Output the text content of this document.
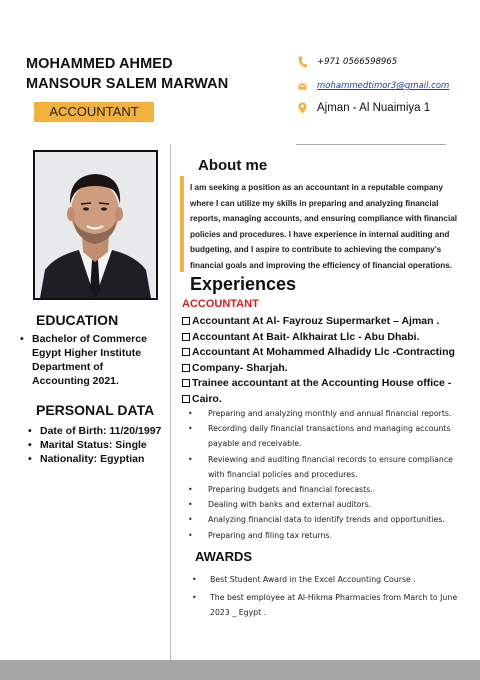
MOHAMMED AHMED
MANSOUR SALEM MARWAN
ACCOUNTANT
+971 0566598965
mohammedtimor3@gmail.com
Ajman - Al Nuaimiya 1
EDUCATION
• Bachelor of Commerce Egypt Higher Institute Department of Accounting 2021.
PERSONAL DATA
• Date of Birth: 11/20/1997
• Marital Status: Single
• Nationality: Egyptian
About me
I am seeking a position as an accountant in a reputable company where I can utilize my skills in preparing and analyzing financial reports, managing accounts, and ensuring compliance with financial policies and procedures. I have experience in internal auditing and budgeting, and I aspire to contribute to achieving the company's financial goals and improving the efficiency of financial operations.
Experiences
ACCOUNTANT
Accountant At Al- Fayrouz Supermarket – Ajman .
Accountant At Bait- Alkhairat Llc - Abu Dhabi.
Accountant At Mohammed Alhadidy Llc -Contracting
Company- Sharjah.
Trainee accountant at the Accounting House office -
Cairo.
• Preparing and analyzing monthly and annual financial reports.
• Recording daily financial transactions and managing accounts payable and receivable.
• Reviewing and auditing financial records to ensure compliance with financial policies and procedures.
• Preparing budgets and financial forecasts.
• Dealing with banks and external auditors.
• Analyzing financial data to identify trends and opportunities.
• Preparing and filing tax returns.
AWARDS
• Best Student Award in the Excel Accounting Course .
• The best employee at Al-Hikma Pharmacies from March to June 2023 _ Egypt .
